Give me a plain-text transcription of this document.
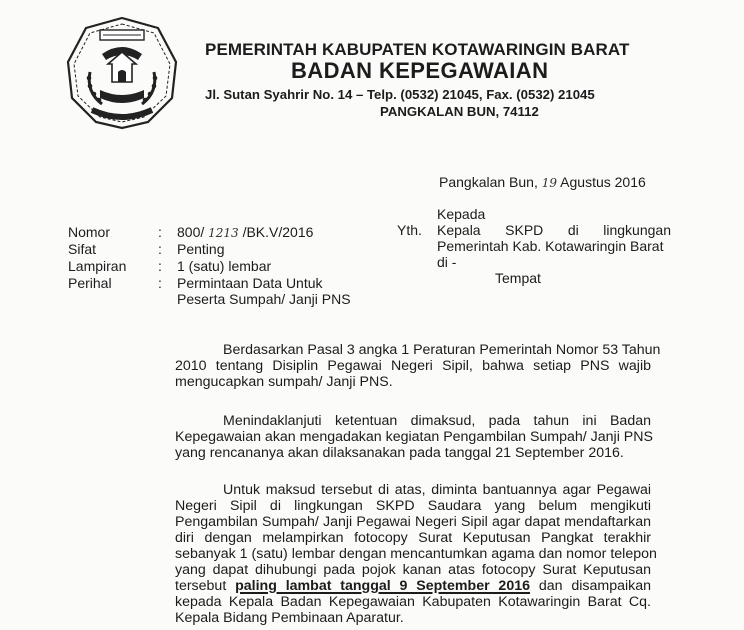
PEMERINTAH KABUPATEN KOTAWARINGIN BARAT
BADAN KEPEGAWAIAN
Jl. Sutan Syahrir No. 14 – Telp. (0532) 21045, Fax. (0532) 21045
PANGKALAN BUN, 74112
Pangkalan Bun, 19 Agustus 2016
Kepada
Yth. Kepala SKPD di lingkungan
Pemerintah Kab. Kotawaringin Barat
di -
Tempat
Nomor	: 800/ 1213 /BK.V/2016
Sifat	: Penting
Lampiran : 1 (satu) lembar
Perihal	: Permintaan Data Untuk
Peserta Sumpah/ Janji PNS
Berdasarkan Pasal 3 angka 1 Peraturan Pemerintah Nomor 53 Tahun
2010 tentang Disiplin Pegawai Negeri Sipil, bahwa setiap PNS wajib
mengucapkan sumpah/ Janji PNS.
Menindaklanjuti ketentuan dimaksud, pada tahun ini Badan
Kepegawaian akan mengadakan kegiatan Pengambilan Sumpah/ Janji PNS
yang rencananya akan dilaksanakan pada tanggal 21 September 2016.
Untuk maksud tersebut di atas, diminta bantuannya agar Pegawai
Negeri Sipil di lingkungan SKPD Saudara yang belum mengikuti
Pengambilan Sumpah/ Janji Pegawai Negeri Sipil agar dapat mendaftarkan
diri dengan melampirkan fotocopy Surat Keputusan Pangkat terakhir
sebanyak 1 (satu) lembar dengan mencantumkan agama dan nomor telepon
yang dapat dihubungi pada pojok kanan atas fotocopy Surat Keputusan
tersebut paling lambat tanggal 9 September 2016 dan disampaikan
kepada Kepala Badan Kepegawaian Kabupaten Kotawaringin Barat Cq.
Kepala Bidang Pembinaan Aparatur.
